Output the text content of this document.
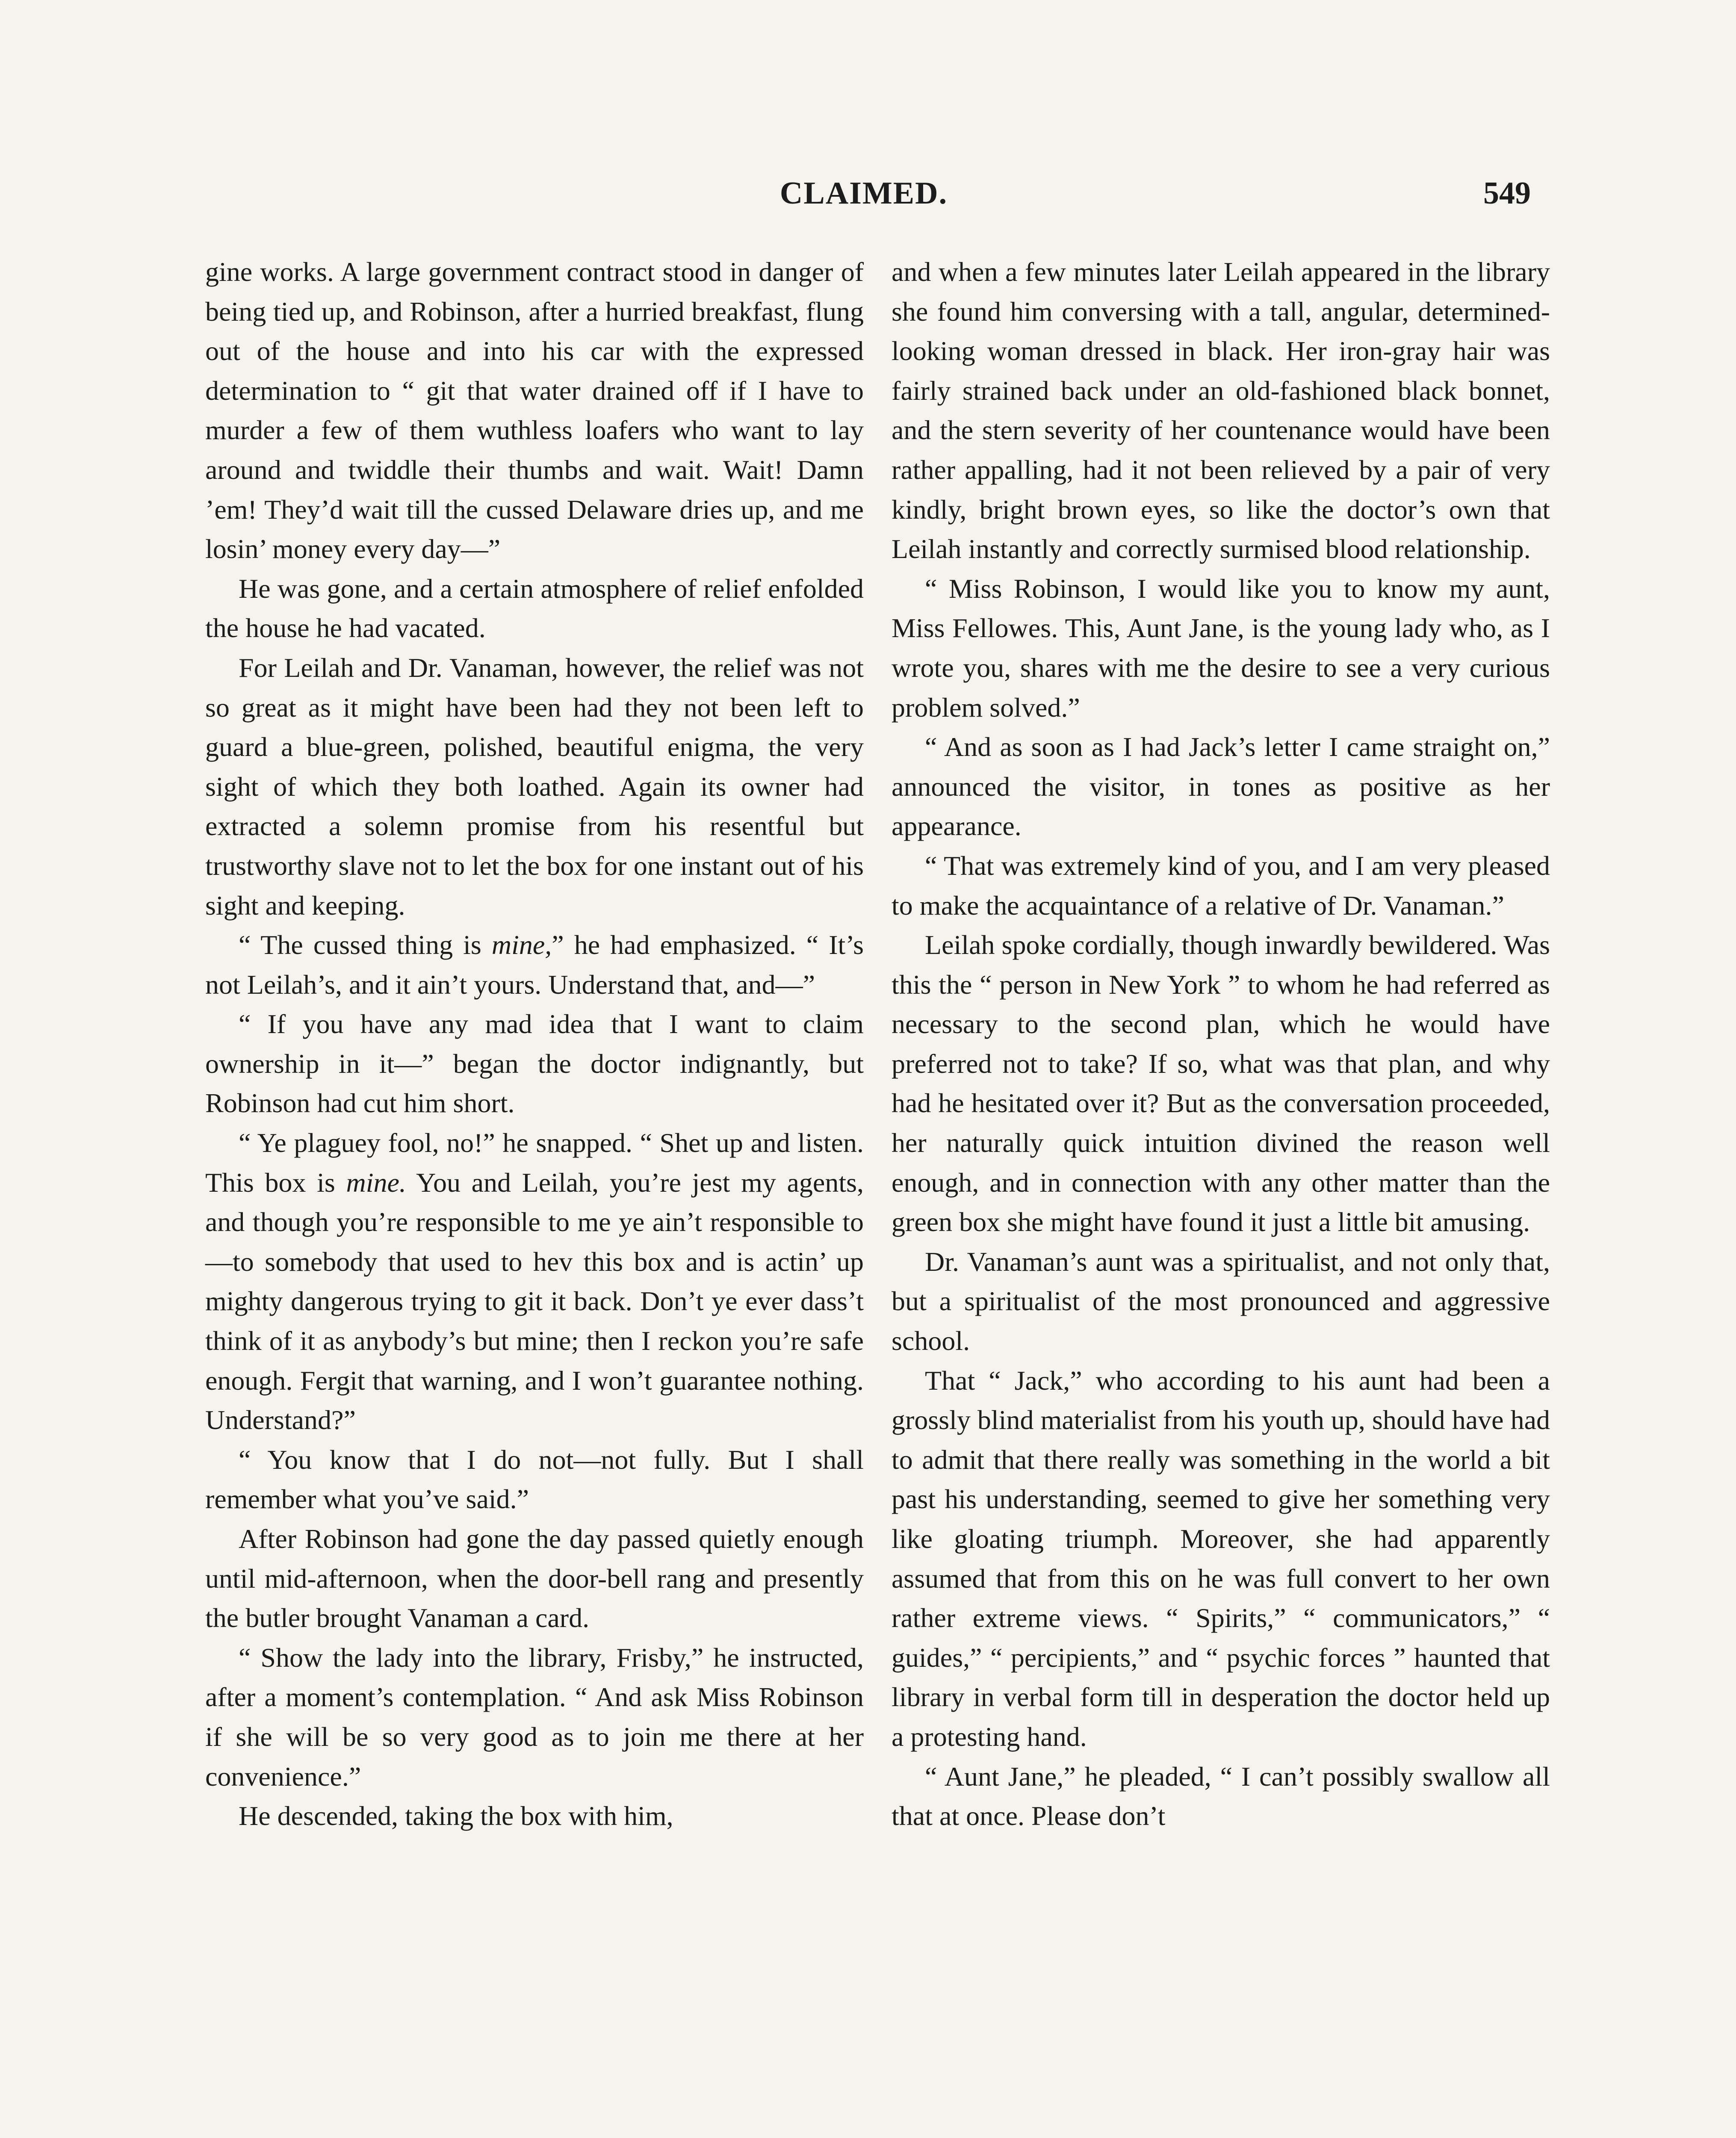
CLAIMED.	549

gine works. A large government contract stood in danger of being tied up, and Robinson, after a hurried breakfast, flung out of the house and into his car with the expressed determination to “ git that water drained off if I have to murder a few of them wuthless loafers who want to lay around and twiddle their thumbs and wait. Wait! Damn ’em! They’d wait till the cussed Delaware dries up, and me losin’ money every day—”

He was gone, and a certain atmosphere of relief enfolded the house he had vacated.

For Leilah and Dr. Vanaman, however, the relief was not so great as it might have been had they not been left to guard a blue-green, polished, beautiful enigma, the very sight of which they both loathed. Again its owner had extracted a solemn promise from his resentful but trustworthy slave not to let the box for one instant out of his sight and keeping.

“ The cussed thing is mine,” he had emphasized. “ It’s not Leilah’s, and it ain’t yours. Understand that, and—”

“ If you have any mad idea that I want to claim ownership in it—” began the doctor indignantly, but Robinson had cut him short.

“ Ye plaguey fool, no!” he snapped. “ Shet up and listen. This box is mine. You and Leilah, you’re jest my agents, and though you’re responsible to me ye ain’t responsible to—to somebody that used to hev this box and is actin’ up mighty dangerous trying to git it back. Don’t ye ever dass’t think of it as anybody’s but mine; then I reckon you’re safe enough. Fergit that warning, and I won’t guarantee nothing. Understand?”

“ You know that I do not—not fully. But I shall remember what you’ve said.”

After Robinson had gone the day passed quietly enough until mid-afternoon, when the door-bell rang and presently the butler brought Vanaman a card.

“ Show the lady into the library, Frisby,” he instructed, after a moment’s contemplation. “ And ask Miss Robinson if she will be so very good as to join me there at her convenience.”

He descended, taking the box with him,

and when a few minutes later Leilah appeared in the library she found him conversing with a tall, angular, determined-looking woman dressed in black. Her iron-gray hair was fairly strained back under an old-fashioned black bonnet, and the stern severity of her countenance would have been rather appalling, had it not been relieved by a pair of very kindly, bright brown eyes, so like the doctor’s own that Leilah instantly and correctly surmised blood relationship.

“ Miss Robinson, I would like you to know my aunt, Miss Fellowes. This, Aunt Jane, is the young lady who, as I wrote you, shares with me the desire to see a very curious problem solved.”

“ And as soon as I had Jack’s letter I came straight on,” announced the visitor, in tones as positive as her appearance.

“ That was extremely kind of you, and I am very pleased to make the acquaintance of a relative of Dr. Vanaman.”

Leilah spoke cordially, though inwardly bewildered. Was this the “ person in New York ” to whom he had referred as necessary to the second plan, which he would have preferred not to take? If so, what was that plan, and why had he hesitated over it? But as the conversation proceeded, her naturally quick intuition divined the reason well enough, and in connection with any other matter than the green box she might have found it just a little bit amusing.

Dr. Vanaman’s aunt was a spiritualist, and not only that, but a spiritualist of the most pronounced and aggressive school.

That “ Jack,” who according to his aunt had been a grossly blind materialist from his youth up, should have had to admit that there really was something in the world a bit past his understanding, seemed to give her something very like gloating triumph. Moreover, she had apparently assumed that from this on he was full convert to her own rather extreme views. “ Spirits,” “ communicators,” “ guides,” “ percipients,” and “ psychic forces ” haunted that library in verbal form till in desperation the doctor held up a protesting hand.

“ Aunt Jane,” he pleaded, “ I can’t possibly swallow all that at once. Please don’t
